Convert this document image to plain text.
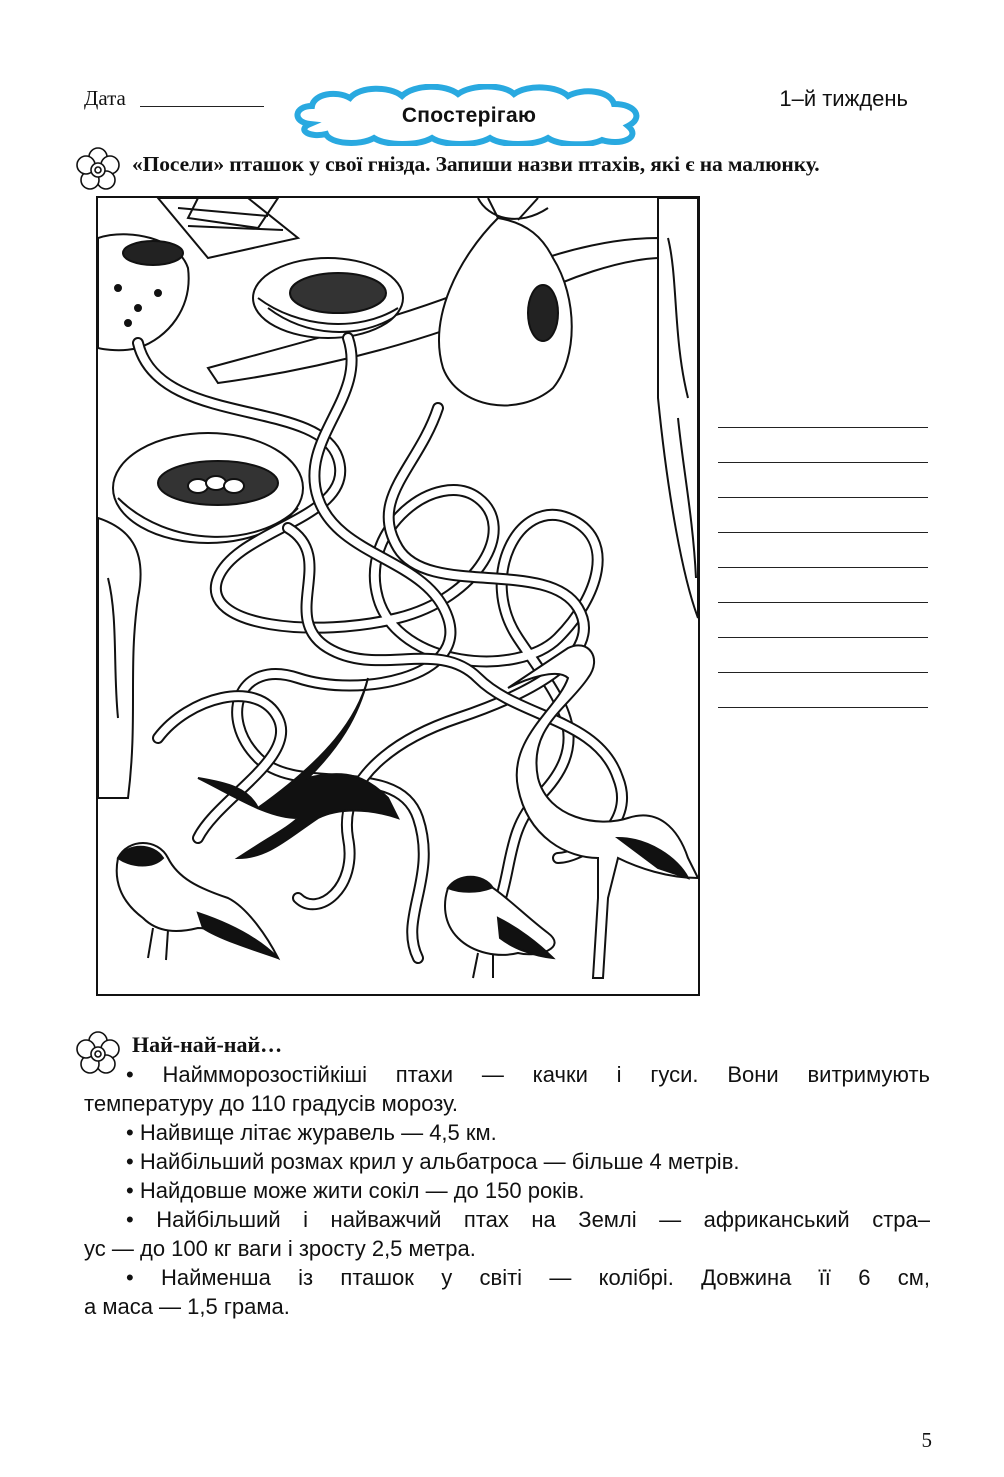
Дата
Спостерігаю
1–й тиждень
«Посели» пташок у свої гнізда. Запиши назви птахів, які є на малюнку.
Най-най-най…
• Наймморозостійкіші птахи — качки і гуси. Вони витримують
температуру до 110 градусів морозу.
• Найвище літає журавель — 4,5 км.
• Найбільший розмах крил у альбатроса — більше 4 метрів.
• Найдовше може жити сокіл — до 150 років.
• Найбільший і найважчий птах на Землі — африканський стра–
ус — до 100 кг ваги і зросту 2,5 метра.
• Найменша із пташок у світі — колібрі. Довжина її 6 см,
а маса — 1,5 грама.
5
